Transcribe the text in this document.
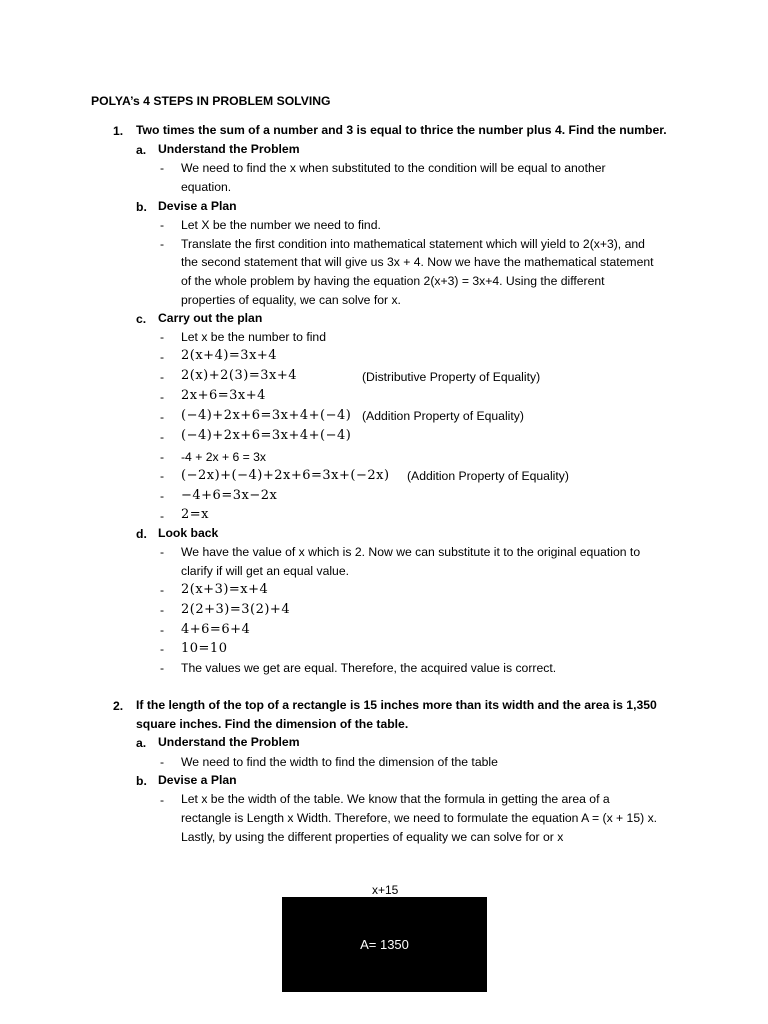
POLYA’s 4 STEPS IN PROBLEM SOLVING
1. Two times the sum of a number and 3 is equal to thrice the number plus 4. Find the number.
a. Understand the Problem
-	We need to find the x when substituted to the condition will be equal to another
equation.
b. Devise a Plan
-	Let X be the number we need to find.
-	Translate the first condition into mathematical statement which will yield to 2(x+3), and
the second statement that will give us 3x + 4. Now we have the mathematical statement
of the whole problem by having the equation 2(x+3) = 3x+4. Using the different
properties of equality, we can solve for x.
c. Carry out the plan
-	Let x be the number to find
-	2(x+4)=3x+4
-	2(x)+2(3)=3x+4	(Distributive Property of Equality)
-	2x+6=3x+4
-	(−4)+2x+6=3x+4+(−4) (Addition Property of Equality)
-	(−4)+2x+6=3x+4+(−4)
-	-4 + 2x + 6 = 3x
-	(−2x)+(−4)+2x+6=3x+(−2x) (Addition Property of Equality)
-	−4+6=3x−2x
-	2=x
d. Look back
-	We have the value of x which is 2. Now we can substitute it to the original equation to
clarify if will get an equal value.
-	2(x+3)=x+4
-	2(2+3)=3(2)+4
-	4+6=6+4
-	10=10
-	The values we get are equal. Therefore, the acquired value is correct.
2. If the length of the top of a rectangle is 15 inches more than its width and the area is 1,350
square inches. Find the dimension of the table.
a. Understand the Problem
-	We need to find the width to find the dimension of the table
b. Devise a Plan
-	Let x be the width of the table. We know that the formula in getting the area of a
rectangle is Length x Width. Therefore, we need to formulate the equation A = (x + 15) x.
Lastly, by using the different properties of equality we can solve for or x
x+15
A= 1350
